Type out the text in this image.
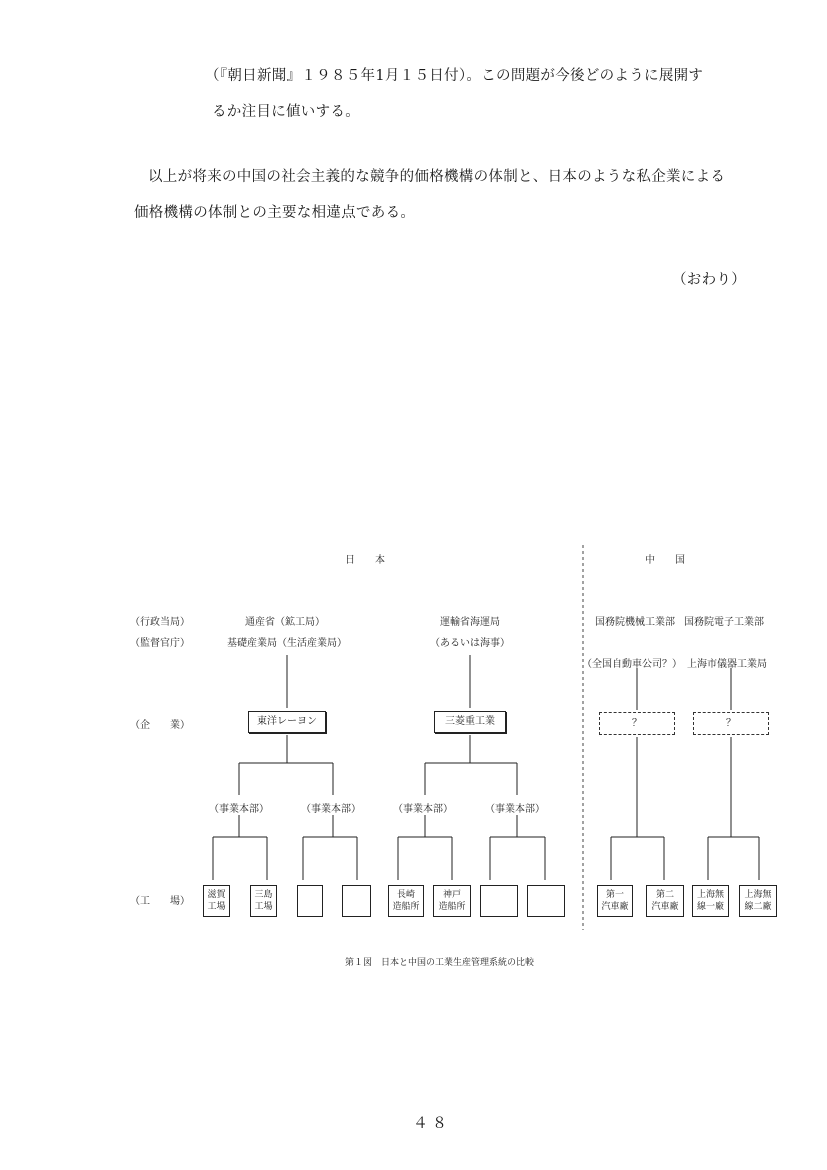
（『朝日新聞』１９８５年1月１５日付）。この問題が今後どのように展開す
るか注目に値いする。
以上が将来の中国の社会主義的な競争的価格機構の体制と、日本のような私企業による
価格機構の体制との主要な相違点である。
（おわり）
日　　本	中　　国
（行政当局）
（監督官庁）
（企　　業）
（工　　場）
通産省（鉱工局）
基礎産業局（生活産業局）
東洋レーヨン
（事業本部）	（事業本部）
滋賀
工場
三島
工場
運輸省海運局
（あるいは海事）
三菱重工業
（事業本部）	（事業本部）
長崎
造船所
神戸
造船所
国務院機械工業部
（全国自動車公司？）
？
第一
汽車廠
第二
汽車廠
国務院電子工業部
上海市儀器工業局
？
上海無
線一廠
上海無
線二廠
第１図　日本と中国の工業生産管理系統の比較
４８
